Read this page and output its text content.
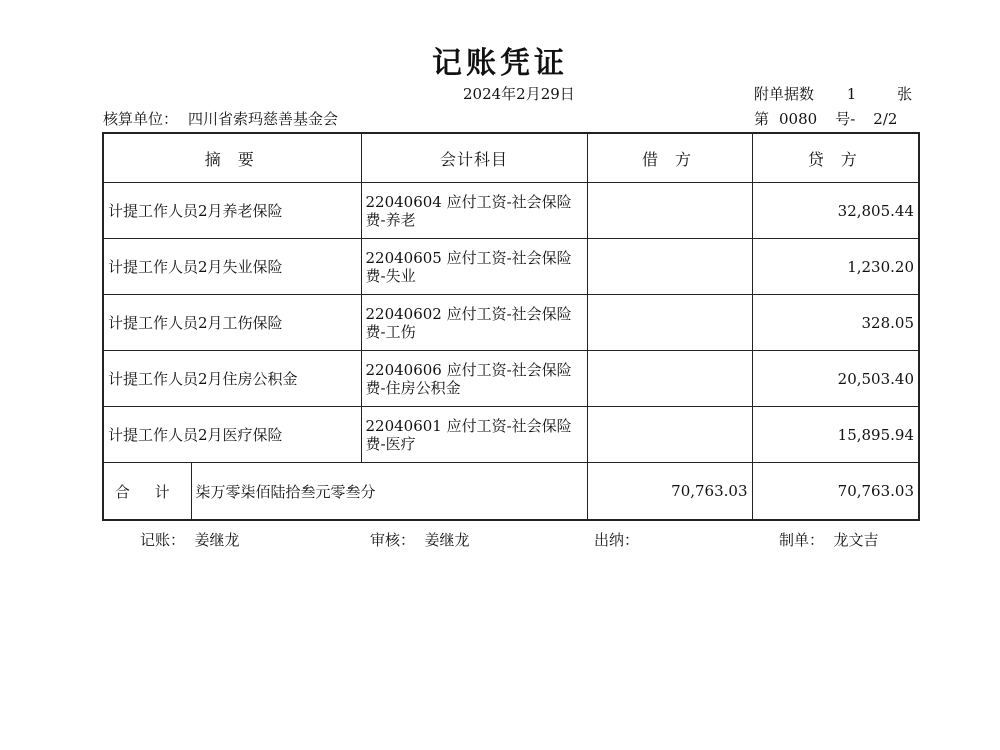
记账凭证
2024年2月29日	附单据数 1	张
核算单位： 四川省索玛慈善基金会	第 0080 号- 2/2
摘 要		会计科目	借 方	贷 方
计提工作人员2月养老保险		22040604 应付工资-社会保险费-养老		32,805.44
计提工作人员2月失业保险		22040605 应付工资-社会保险费-失业		1,230.20
计提工作人员2月工伤保险		22040602 应付工资-社会保险费-工伤		328.05
计提工作人员2月住房公积金		22040606 应付工资-社会保险费-住房公积金		20,503.40
计提工作人员2月医疗保险		22040601 应付工资-社会保险费-医疗		15,895.94
合 计	柒万零柒佰陆拾叁元零叁分		70,763.03	70,763.03
记账：  姜继龙	审核：  姜继龙	出纳：	制单：  龙文吉
